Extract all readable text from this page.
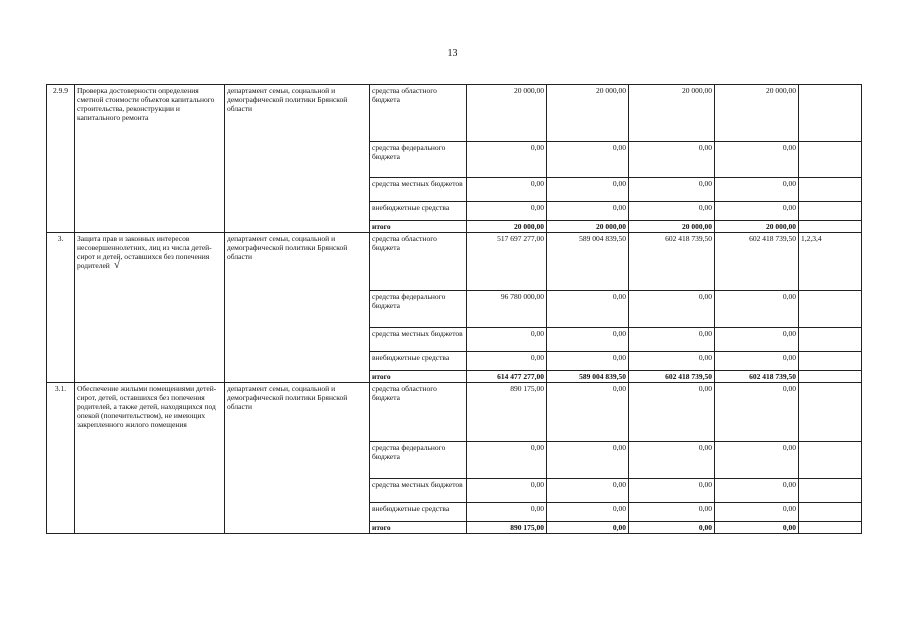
13
2.9.9	Проверка достоверности определения сметной стоимости объектов капитального строительства, реконструкции и капитального ремонта	департамент семьи, социальной и демографической политики Брянской области	средства областного бюджета	20 000,00	20 000,00	20 000,00	20 000,00	
			средства федерального бюджета	0,00	0,00	0,00	0,00	
			средства местных бюджетов	0,00	0,00	0,00	0,00	
			внебюджетные средства	0,00	0,00	0,00	0,00	
			итого	20 000,00	20 000,00	20 000,00	20 000,00	
3.	Защита прав и законных интересов несовершеннолетних, лиц из числа детей-сирот и детей, оставшихся без попечения родителей √	департамент семьи, социальной и демографической политики Брянской области	средства областного бюджета	517 697 277,00	589 004 839,50	602 418 739,50	602 418 739,50	1,2,3,4
			средства федерального бюджета	96 780 000,00	0,00	0,00	0,00	
			средства местных бюджетов	0,00	0,00	0,00	0,00	
			внебюджетные средства	0,00	0,00	0,00	0,00	
			итого	614 477 277,00	589 004 839,50	602 418 739,50	602 418 739,50	
3.1.	Обеспечение жилыми помещениями детей-сирот, детей, оставшихся без попечения родителей, а также детей, находящихся под опекой (попечительством), не имеющих закрепленного жилого помещения	департамент семьи, социальной и демографической политики Брянской области	средства областного бюджета	890 175,00	0,00	0,00	0,00	
			средства федерального бюджета	0,00	0,00	0,00	0,00	
			средства местных бюджетов	0,00	0,00	0,00	0,00	
			внебюджетные средства	0,00	0,00	0,00	0,00	
			итого	890 175,00	0,00	0,00	0,00	
